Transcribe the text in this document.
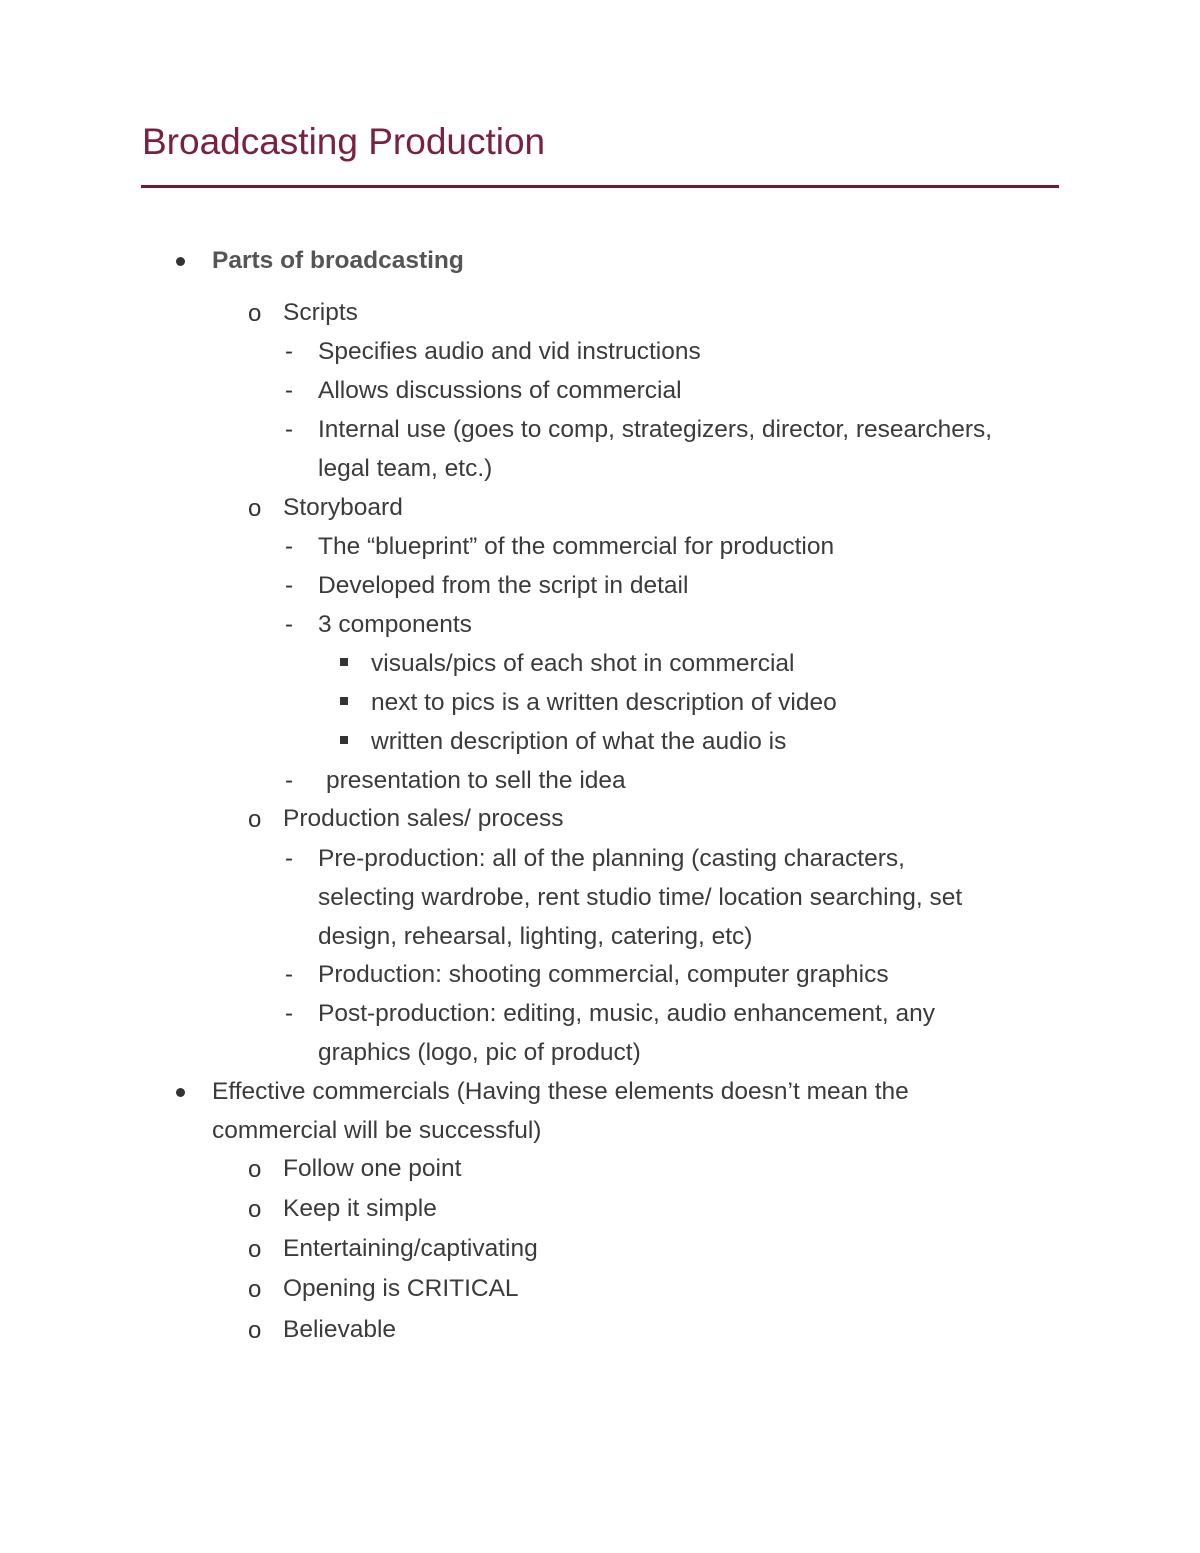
Broadcasting Production
Parts of broadcasting
o Scripts
- Specifies audio and vid instructions
- Allows discussions of commercial
- Internal use (goes to comp, strategizers, director, researchers,
legal team, etc.)
o Storyboard
- The “blueprint” of the commercial for production
- Developed from the script in detail
- 3 components
visuals/pics of each shot in commercial
next to pics is a written description of video
written description of what the audio is
- presentation to sell the idea
o Production sales/ process
- Pre-production: all of the planning (casting characters,
selecting wardrobe, rent studio time/ location searching, set
design, rehearsal, lighting, catering, etc)
- Production: shooting commercial, computer graphics
- Post-production: editing, music, audio enhancement, any
graphics (logo, pic of product)
Effective commercials (Having these elements doesn’t mean the
commercial will be successful)
o Follow one point
o Keep it simple
o Entertaining/captivating
o Opening is CRITICAL
o Believable
